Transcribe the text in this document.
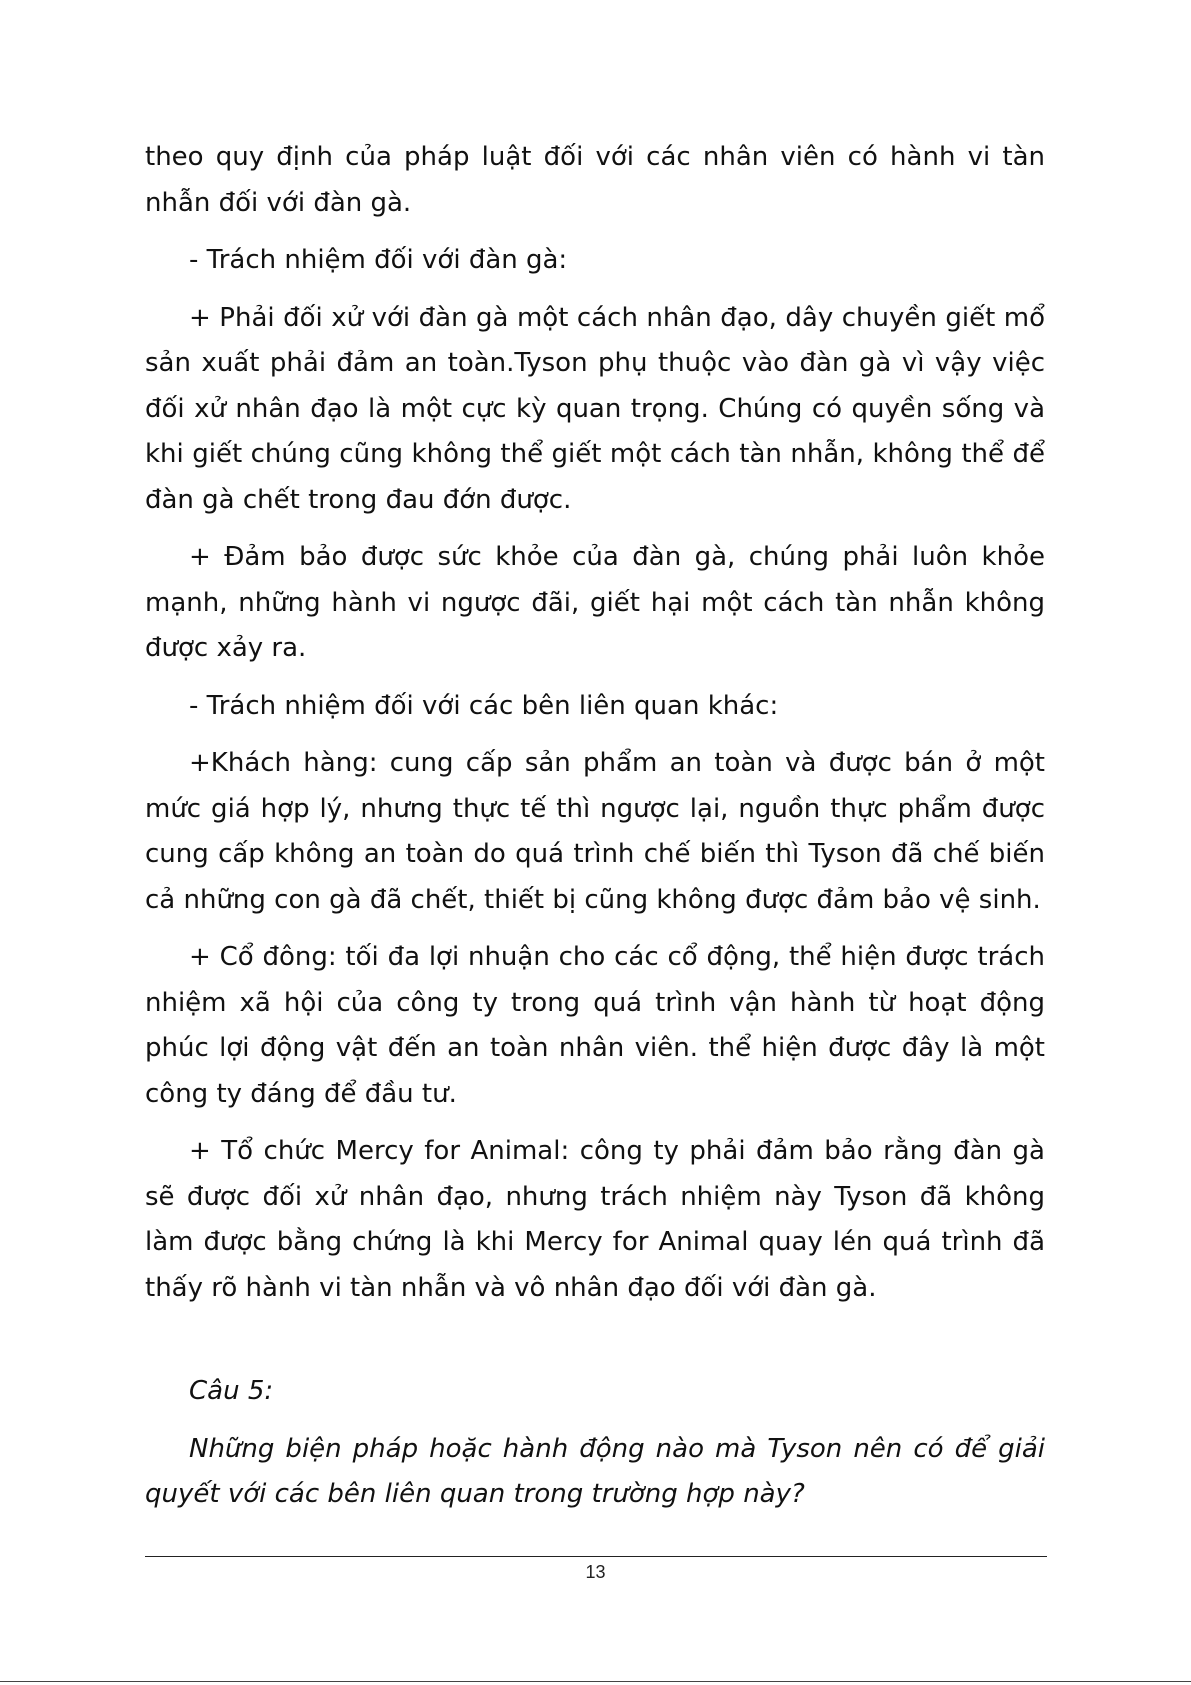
theo quy định của pháp luật đối với các nhân viên có hành vi tàn nhẫn đối với đàn gà.

- Trách nhiệm đối với đàn gà:

+ Phải đối xử với đàn gà một cách nhân đạo, dây chuyền giết mổ sản xuất phải đảm an toàn.Tyson phụ thuộc vào đàn gà vì vậy việc đối xử nhân đạo là một cực kỳ quan trọng. Chúng có quyền sống và khi giết chúng cũng không thể giết một cách tàn nhẫn, không thể để đàn gà chết trong đau đớn được.

+ Đảm bảo được sức khỏe của đàn gà, chúng phải luôn khỏe mạnh, những hành vi ngược đãi, giết hại một cách tàn nhẫn không được xảy ra.

- Trách nhiệm đối với các bên liên quan khác:

+Khách hàng: cung cấp sản phẩm an toàn và được bán ở một mức giá hợp lý, nhưng thực tế thì ngược lại, nguồn thực phẩm được cung cấp không an toàn do quá trình chế biến thì Tyson đã chế biến cả những con gà đã chết, thiết bị cũng không được đảm bảo vệ sinh.

+ Cổ đông: tối đa lợi nhuận cho các cổ động, thể hiện được trách nhiệm xã hội của công ty trong quá trình vận hành từ hoạt động phúc lợi động vật đến an toàn nhân viên. thể hiện được đây là một công ty đáng để đầu tư.

+ Tổ chức Mercy for Animal: công ty phải đảm bảo rằng đàn gà sẽ được đối xử nhân đạo, nhưng trách nhiệm này Tyson đã không làm được bằng chứng là khi Mercy for Animal quay lén quá trình đã thấy rõ hành vi tàn nhẫn và vô nhân đạo đối với đàn gà.

Câu 5:

Những biện pháp hoặc hành động nào mà Tyson nên có để giải quyết với các bên liên quan trong trường hợp này?

13
